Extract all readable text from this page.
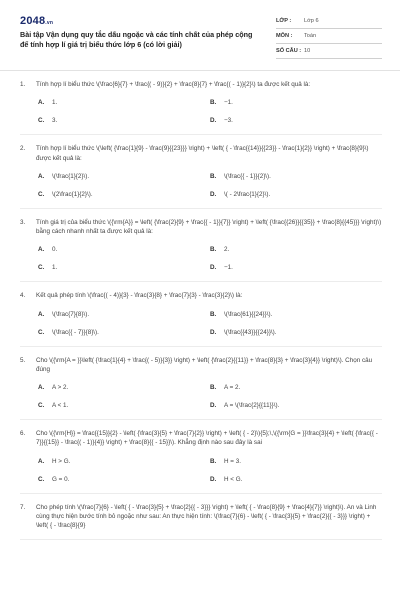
2048.vn
Bài tập Vận dụng quy tắc dấu ngoặc và các tính chất của phép cộng để tính hợp lí giá trị biểu thức lớp 6 (có lời giải)
LỚP :	Lớp 6
MÔN :	Toán
SỐ CÂU : 10
1.	Tính hợp lí biểu thức \(\frac{6}{7} + \frac{( - 9)}{2} + \frac{8}{7} + \frac{( - 1)}{2}\) ta được kết quả là:
A.	1.	B.	−1.
C.	3.	D.	−3.
2.	Tính hợp lí biểu thức \(\left( {\frac{1}{9} - \frac{9}{{23}}} \right) + \left( { - \frac{{14}}{{23}} - \frac{1}{2}} \right) + \frac{8}{9}\) được kết quả là:
A.	\(\frac{1}{2}\).	B.	\(\frac{{ - 1}}{2}\).
C.	\(2\frac{1}{2}\).	D.	\( - 2\frac{1}{2}\).
3.	Tính giá trị của biểu thức \({\rm{A}} = \left( {\frac{2}{9} + \frac{{ - 1}}{7}} \right) + \left( {\frac{{26}}{{35}} + \frac{8}{{45}}} \right)\) bằng cách nhanh nhất ta được kết quả là:
A.	0.	B.	2.
C.	1.	D.	−1.
4.	Kết quả phép tính \(\frac{( - 4)}{3} - \frac{3}{8} + \frac{7}{3} - \frac{3}{2}\) là:
A.	\(\frac{7}{8}\).	B.	\(\frac{61}{{24}}\).
C.	\(\frac{{ - 7}}{8}\).	D.	\(\frac{{43}}{{24}}\).
5.	Cho \({\rm{A = }}\left( {\frac{1}{4} + \frac{( - 5)}{3}} \right) + \left( {\frac{2}{{11}} + \frac{8}{3} + \frac{3}{4}} \right)\). Chọn câu đúng
A.	A > 2.	B.	A = 2.
C.	A < 1.	D.	A = \(\frac{2}{{11}}\).
6.	Cho \({\rm{H}} = \frac{{15}}{2} - \left( {\frac{3}{5} + \frac{7}{2}} \right) + \left( { - 2}\){5};\,\({\rm{G = }}\frac{3}{4} + \left( {\frac{{ - 7}}{{15}} - \frac{( - 1)}{4}} \right) + \frac{8}{{ - 15}}\). Khẳng định nào sau đây là sai
A.	H > G.	B.	H = 3.
C.	G = 0.	D.	H < G.
7.	Cho phép tính \(\frac{7}{6} - \left( { - \frac{3}{5} + \frac{2}{{ - 3}}} \right) + \left( { - \frac{8}{9} + \frac{4}{7}} \right)\). An và Linh cùng thực hiện bước tính bỏ ngoặc như sau: An thực hiện tính: \(\frac{7}{6} - \left( { - \frac{3}{5} + \frac{2}{{ - 3}}} \right) + \left( { - \frac{8}{9}
